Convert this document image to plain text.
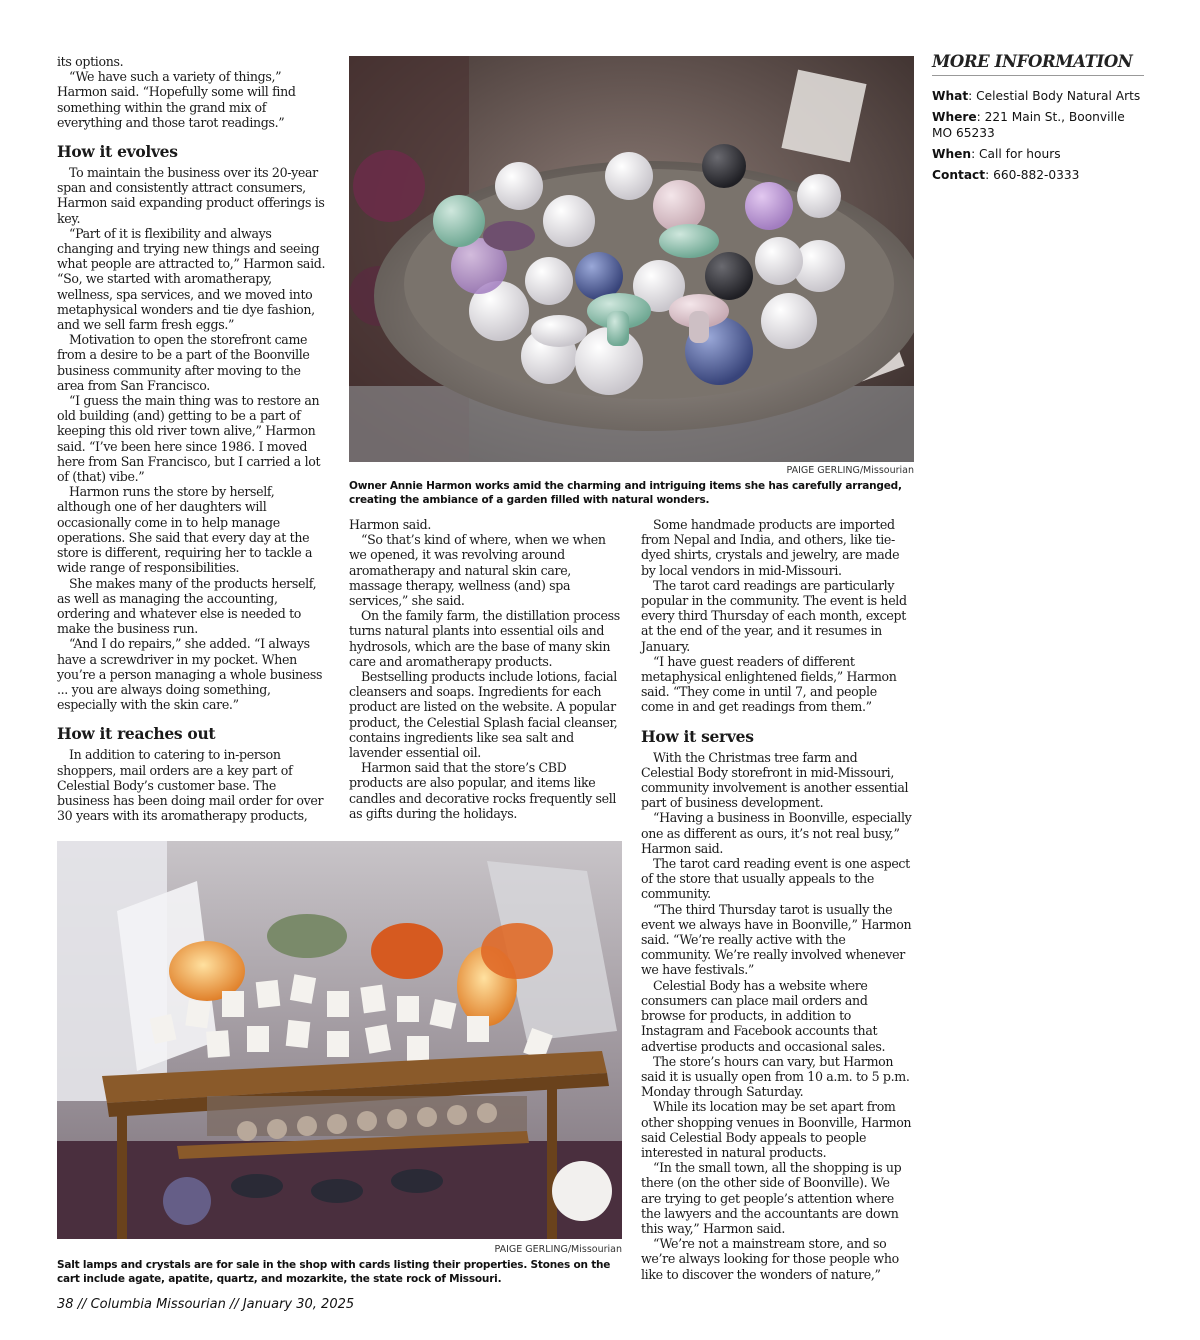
its options.

“We have such a variety of things,” Harmon said. “Hopefully some will find something within the grand mix of everything and those tarot readings.”

How it evolves

To maintain the business over its 20-year span and consistently attract consumers, Harmon said expanding product offerings is key.

“Part of it is flexibility and always changing and trying new things and seeing what people are attracted to,” Harmon said. “So, we started with aromatherapy, wellness, spa services, and we moved into metaphysical wonders and tie dye fashion, and we sell farm fresh eggs.”

Motivation to open the storefront came from a desire to be a part of the Boonville business community after moving to the area from San Francisco.

“I guess the main thing was to restore an old building (and) getting to be a part of keeping this old river town alive,” Harmon said. “I’ve been here since 1986. I moved here from San Francisco, but I carried a lot of (that) vibe.”

Harmon runs the store by herself, although one of her daughters will occasionally come in to help manage operations. She said that every day at the store is different, requiring her to tackle a wide range of responsibilities.

She makes many of the products herself, as well as managing the accounting, ordering and whatever else is needed to make the business run.

“And I do repairs,” she added. “I always have a screwdriver in my pocket. When you’re a person managing a whole business ... you are always doing something, especially with the skin care.”

How it reaches out

In addition to catering to in-person shoppers, mail orders are a key part of Celestial Body’s customer base. The business has been doing mail order for over 30 years with its aromatherapy products,

PAIGE GERLING/Missourian
Owner Annie Harmon works amid the charming and intriguing items she has carefully arranged, creating the ambiance of a garden filled with natural wonders.

Harmon said.

“So that’s kind of where, when we when we opened, it was revolving around aromatherapy and natural skin care, massage therapy, wellness (and) spa services,” she said.

On the family farm, the distillation process turns natural plants into essential oils and hydrosols, which are the base of many skin care and aromatherapy products.

Bestselling products include lotions, facial cleansers and soaps. Ingredients for each product are listed on the website. A popular product, the Celestial Splash facial cleanser, contains ingredients like sea salt and lavender essential oil.

Harmon said that the store’s CBD products are also popular, and items like candles and decorative rocks frequently sell as gifts during the holidays.

Some handmade products are imported from Nepal and India, and others, like tie-dyed shirts, crystals and jewelry, are made by local vendors in mid-Missouri.

The tarot card readings are particularly popular in the community. The event is held every third Thursday of each month, except at the end of the year, and it resumes in January.

“I have guest readers of different metaphysical enlightened fields,” Harmon said. “They come in until 7, and people come in and get readings from them.”

How it serves

With the Christmas tree farm and Celestial Body storefront in mid-Missouri, community involvement is another essential part of business development.

“Having a business in Boonville, especially one as different as ours, it’s not real busy,” Harmon said.

The tarot card reading event is one aspect of the store that usually appeals to the community.

“The third Thursday tarot is usually the event we always have in Boonville,” Harmon said. “We’re really active with the community. We’re really involved whenever we have festivals.”

Celestial Body has a website where consumers can place mail orders and browse for products, in addition to Instagram and Facebook accounts that advertise products and occasional sales.

The store’s hours can vary, but Harmon said it is usually open from 10 a.m. to 5 p.m. Monday through Saturday.

While its location may be set apart from other shopping venues in Boonville, Harmon said Celestial Body appeals to people interested in natural products.

“In the small town, all the shopping is up there (on the other side of Boonville). We are trying to get people’s attention where the lawyers and the accountants are down this way,” Harmon said.

“We’re not a mainstream store, and so we’re always looking for those people who like to discover the wonders of nature,”

PAIGE GERLING/Missourian
Salt lamps and crystals are for sale in the shop with cards listing their properties. Stones on the cart include agate, apatite, quartz, and mozarkite, the state rock of Missouri.
MORE INFORMATION
What: Celestial Body Natural Arts
Where: 221 Main St., Boonville MO 65233
When: Call for hours
Contact: 660-882-0333
38 // Columbia Missourian // January 30, 2025
